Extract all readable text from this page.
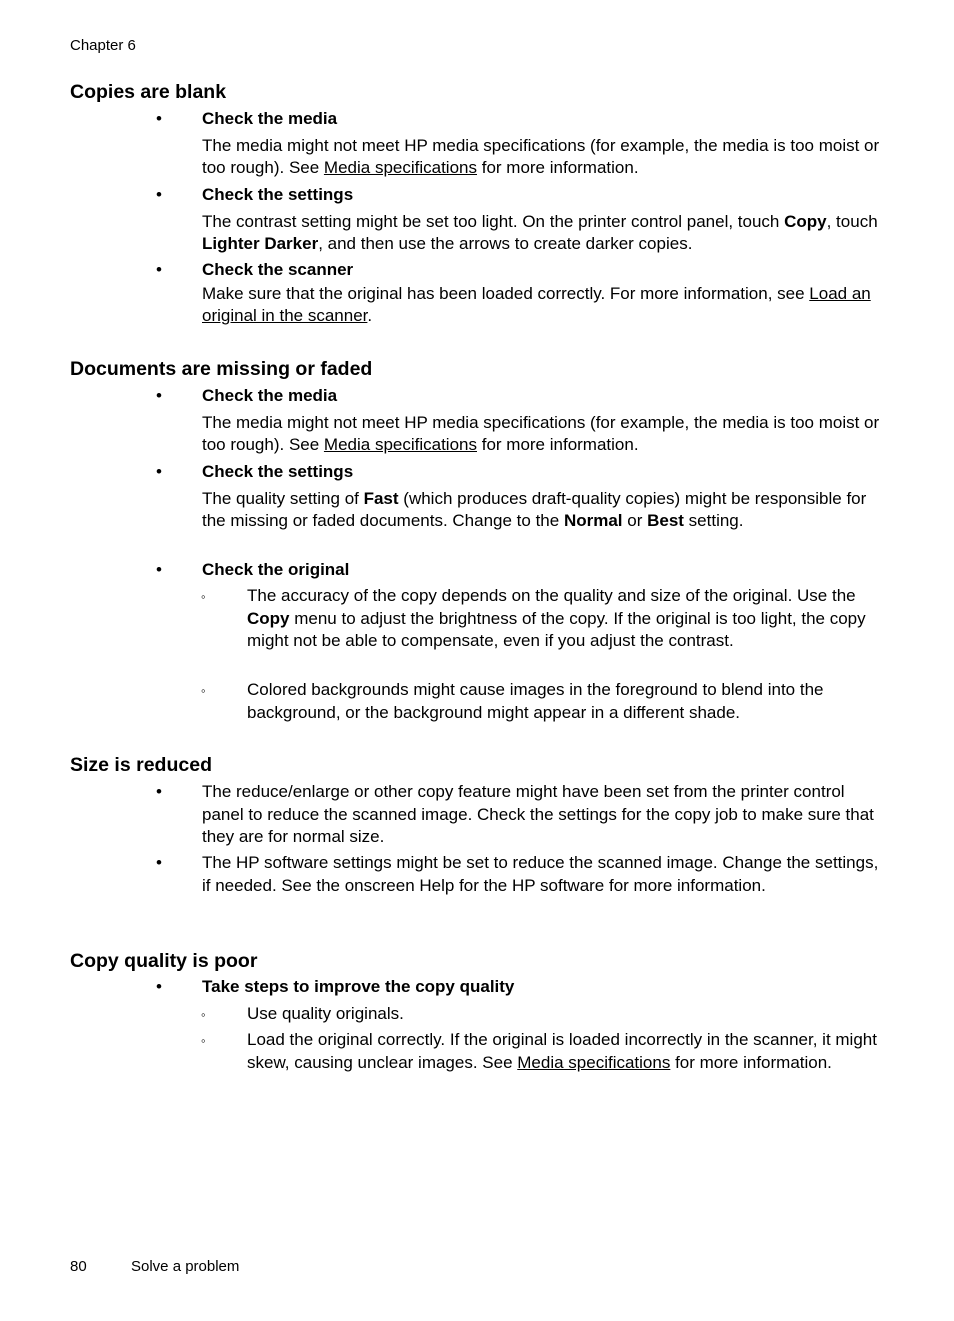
Chapter 6
Copies are blank
• Check the media
The media might not meet HP media specifications (for example, the media is too moist or too rough). See Media specifications for more information.
• Check the settings
The contrast setting might be set too light. On the printer control panel, touch Copy, touch Lighter Darker, and then use the arrows to create darker copies.
• Check the scanner
Make sure that the original has been loaded correctly. For more information, see Load an original in the scanner.
Documents are missing or faded
• Check the media
The media might not meet HP media specifications (for example, the media is too moist or too rough). See Media specifications for more information.
• Check the settings
The quality setting of Fast (which produces draft-quality copies) might be responsible for the missing or faded documents. Change to the Normal or Best setting.
• Check the original
◦ The accuracy of the copy depends on the quality and size of the original. Use the Copy menu to adjust the brightness of the copy. If the original is too light, the copy might not be able to compensate, even if you adjust the contrast.
◦ Colored backgrounds might cause images in the foreground to blend into the background, or the background might appear in a different shade.
Size is reduced
• The reduce/enlarge or other copy feature might have been set from the printer control panel to reduce the scanned image. Check the settings for the copy job to make sure that they are for normal size.
• The HP software settings might be set to reduce the scanned image. Change the settings, if needed. See the onscreen Help for the HP software for more information.
Copy quality is poor
• Take steps to improve the copy quality
◦ Use quality originals.
◦ Load the original correctly. If the original is loaded incorrectly in the scanner, it might skew, causing unclear images. See Media specifications for more information.
80	Solve a problem
